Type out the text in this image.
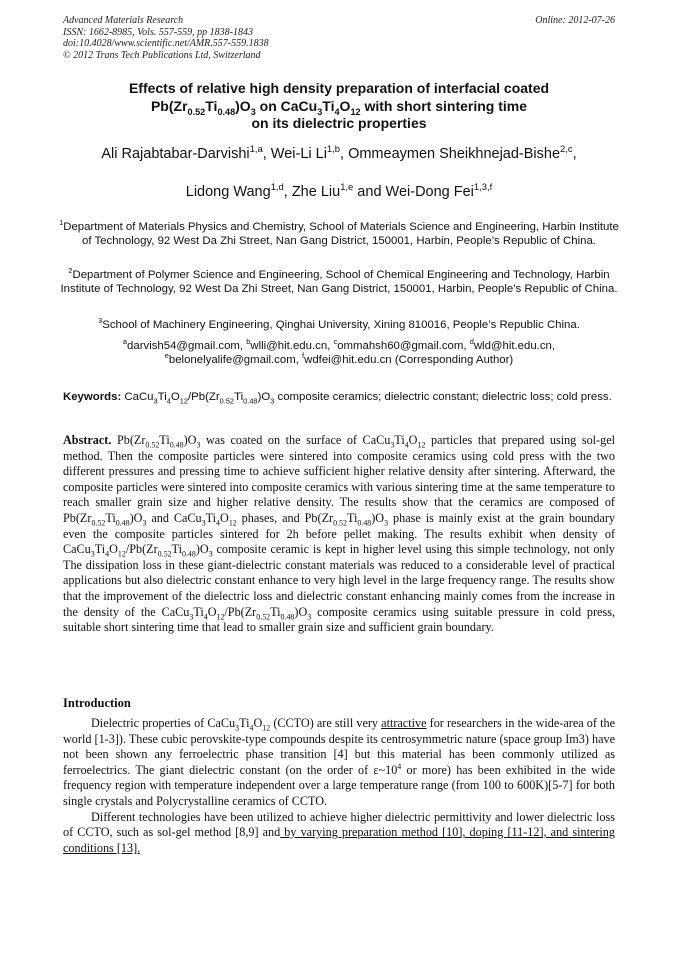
Advanced Materials Research
ISSN: 1662-8985, Vols. 557-559, pp 1838-1843
doi:10.4028/www.scientific.net/AMR.557-559.1838
© 2012 Trans Tech Publications Ltd, Switzerland
Online: 2012-07-26
Effects of relative high density preparation of interfacial coated
$Pb(Zr_{0.52}Ti_{0.48})O_3$ on $CaCu_3Ti_4O_{12}$ with short sintering time
on its dielectric properties
Ali Rajabtabar-Darvishi$^{1,a}$, Wei-Li Li$^{1,b}$, Ommeaymen Sheikhnejad-Bishe$^{2,c}$,
Lidong Wang$^{1,d}$, Zhe Liu$^{1,e}$ and Wei-Dong Fei$^{1,3,f}$
$^1$Department of Materials Physics and Chemistry, School of Materials Science and Engineering, Harbin Institute of Technology, 92 West Da Zhi Street, Nan Gang District, 150001, Harbin, People’s Republic of China.
$^2$Department of Polymer Science and Engineering, School of Chemical Engineering and Technology, Harbin Institute of Technology, 92 West Da Zhi Street, Nan Gang District, 150001, Harbin, People’s Republic of China.
$^3$School of Machinery Engineering, Qinghai University, Xining 810016, People’s Republic China.
$^a$darvish54@gmail.com, $^b$wlli@hit.edu.cn, $^c$ommahsh60@gmail.com, $^d$wld@hit.edu.cn,
$^e$belonelyalife@gmail.com, $^f$wdfei@hit.edu.cn (Corresponding Author)
Keywords: $CaCu_3Ti_4O_{12}/Pb(Zr_{0.52}Ti_{0.48})O_3$ composite ceramics; dielectric constant; dielectric loss; cold press.
Abstract. $Pb(Zr_{0.52}Ti_{0.48})O_3$ was coated on the surface of $CaCu_3Ti_4O_{12}$ particles that prepared using sol-gel method. Then the composite particles were sintered into composite ceramics using cold press with the two different pressures and pressing time to achieve sufficient higher relative density after sintering. Afterward, the composite particles were sintered into composite ceramics with various sintering time at the same temperature to reach smaller grain size and higher relative density. The results show that the ceramics are composed of $Pb(Zr_{0.52}Ti_{0.48})O_3$ and $CaCu_3Ti_4O_{12}$ phases, and $Pb(Zr_{0.52}Ti_{0.48})O_3$ phase is mainly exist at the grain boundary even the composite particles sintered for 2h before pellet making. The results exhibit when density of $CaCu_3Ti_4O_{12}/Pb(Zr_{0.52}Ti_{0.48})O_3$ composite ceramic is kept in higher level using this simple technology, not only The dissipation loss in these giant-dielectric constant materials was reduced to a considerable level of practical applications but also dielectric constant enhance to very high level in the large frequency range. The results show that the improvement of the dielectric loss and dielectric constant enhancing mainly comes from the increase in the density of the $CaCu_3Ti_4O_{12}/Pb(Zr_{0.52}Ti_{0.48})O_3$ composite ceramics using suitable pressure in cold press, suitable short sintering time that lead to smaller grain size and sufficient grain boundary.
Introduction

Dielectric properties of $CaCu_3Ti_4O_{12}$ (CCTO) are still very attractive for researchers in the wide-area of the world [1-3]). These cubic perovskite-type compounds despite its centrosymmetric nature (space group Im3) have not been shown any ferroelectric phase transition [4] but this material has been commonly utilized as ferroelectrics. The giant dielectric constant (on the order of $\varepsilon\sim 10^4$ or more) has been exhibited in the wide frequency region with temperature independent over a large temperature range (from 100 to 600K)[5-7] for both single crystals and Polycrystalline ceramics of CCTO.

Different technologies have been utilized to achieve higher dielectric permittivity and lower dielectric loss of CCTO, such as sol-gel method [8,9] and by varying preparation method [10], doping [11-12], and sintering conditions [13].
